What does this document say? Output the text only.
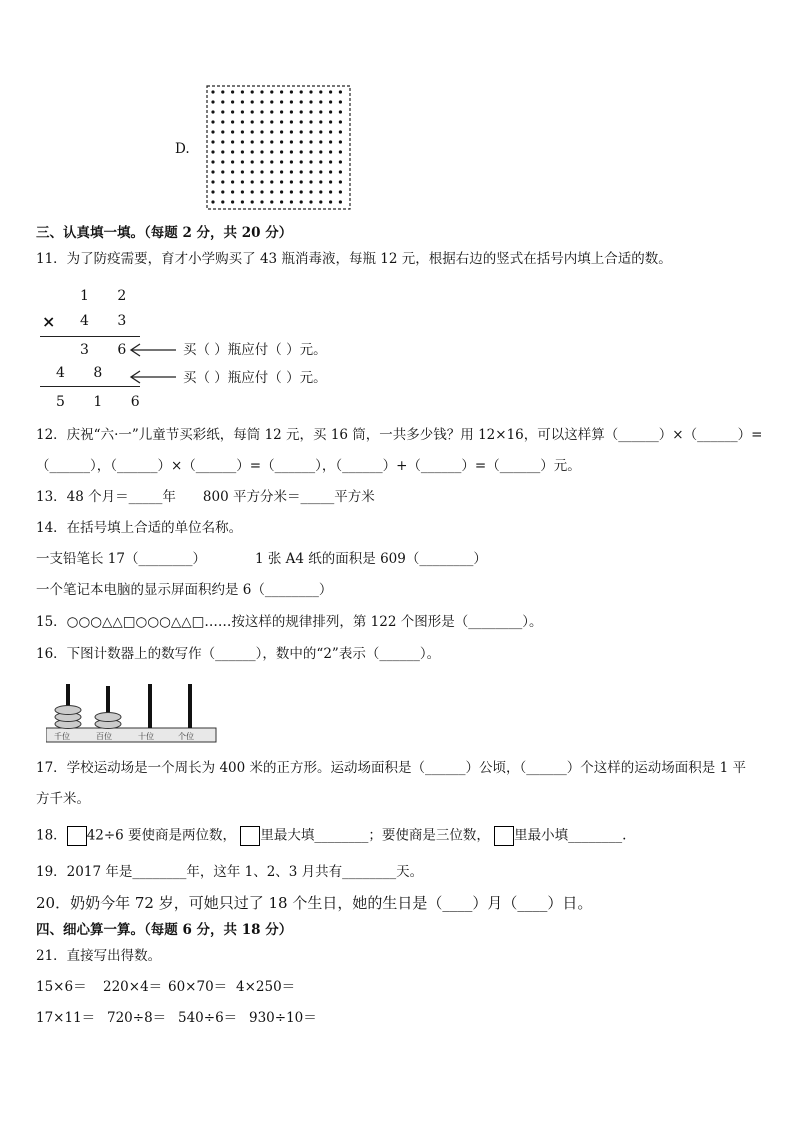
D.
三、认真填一填。（每题 2 分，共 20 分）
11．为了防疫需要，育才小学购买了 43 瓶消毒液，每瓶 12 元，根据右边的竖式在括号内填上合适的数。
1 2
× 4 3
3 6
4 8
5 1 6
买（ ）瓶应付（ ）元。
买（ ）瓶应付（ ）元。
12．庆祝“六·一”儿童节买彩纸，每筒 12 元，买 16 筒，一共多少钱？用 12×16，可以这样算（______）×（______）=
（______），（______）×（______）=（______），（______）+（______）=（______）元。
13．48 个月＝_____年　　800 平方分米＝_____平方米
14．在括号填上合适的单位名称。
一支铅笔长 17（________）	1 张 A4 纸的面积是 609（________）
一个笔记本电脑的显示屏面积约是 6（________）
15．○○○△△□○○○△△□……按这样的规律排列，第 122 个图形是（________）。
16．下图计数器上的数写作（______），数中的“2”表示（______）。
千位	百位	十位	个位
17．学校运动场是一个周长为 400 米的正方形。运动场面积是（______）公顷，（______）个这样的运动场面积是 1 平
方千米。
18． 42÷6 要使商是两位数， 里最大填________；要使商是三位数， 里最小填________.
19．2017 年是________年，这年 1、2、3 月共有________天。
20．奶奶今年 72 岁，可她只过了 18 个生日，她的生日是（____）月（____）日。
四、细心算一算。（每题 6 分，共 18 分）
21．直接写出得数。
15×6＝ 220×4＝ 60×70＝ 4×250＝
17×11＝ 720÷8＝ 540÷6＝ 930÷10＝
